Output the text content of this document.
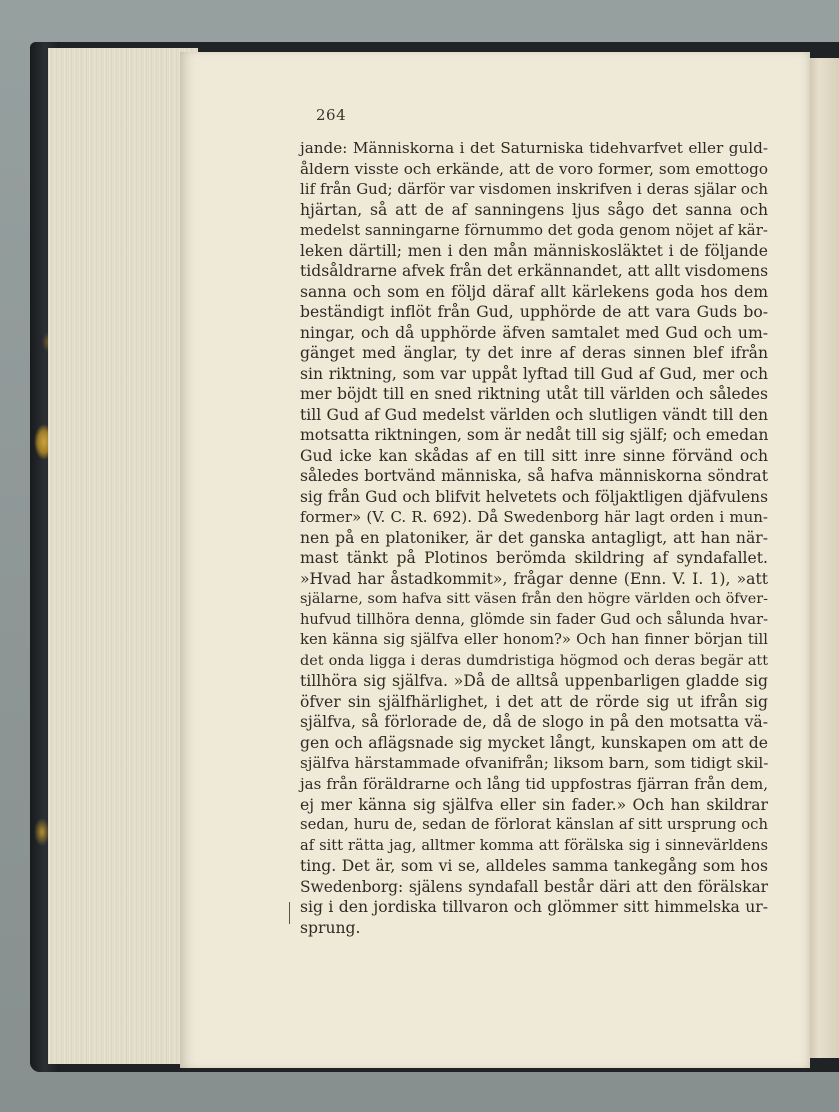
264
jande: Människorna i det Saturniska tidehvarfvet eller guld-
åldern visste och erkände, att de voro former, som emottogo
lif från Gud; därför var visdomen inskrifven i deras själar och
hjärtan, så att de af sanningens ljus sågo det sanna och
medelst sanningarne förnummo det goda genom nöjet af kär-
leken därtill; men i den mån människosläktet i de följande
tidsåldrarne afvek från det erkännandet, att allt visdomens
sanna och som en följd däraf allt kärlekens goda hos dem
beständigt inflöt från Gud, upphörde de att vara Guds bo-
ningar, och då upphörde äfven samtalet med Gud och um-
gänget med änglar, ty det inre af deras sinnen blef ifrån
sin riktning, som var uppåt lyftad till Gud af Gud, mer och
mer böjdt till en sned riktning utåt till världen och således
till Gud af Gud medelst världen och slutligen vändt till den
motsatta riktningen, som är nedåt till sig själf; och emedan
Gud icke kan skådas af en till sitt inre sinne förvänd och
således bortvänd människa, så hafva människorna söndrat
sig från Gud och blifvit helvetets och följaktligen djäfvulens
former» (V. C. R. 692). Då Swedenborg här lagt orden i mun-
nen på en platoniker, är det ganska antagligt, att han när-
mast tänkt på Plotinos berömda skildring af syndafallet.
»Hvad har åstadkommit», frågar denne (Enn. V. I. 1), »att
själarne, som hafva sitt väsen från den högre världen och öfver-
hufvud tillhöra denna, glömde sin fader Gud och sålunda hvar-
ken känna sig själfva eller honom?» Och han finner början till
det onda ligga i deras dumdristiga högmod och deras begär att
tillhöra sig själfva. »Då de alltså uppenbarligen gladde sig
öfver sin själfhärlighet, i det att de rörde sig ut ifrån sig
själfva, så förlorade de, då de slogo in på den motsatta vä-
gen och aflägsnade sig mycket långt, kunskapen om att de
själfva härstammade ofvanifrån; liksom barn, som tidigt skil-
jas från föräldrarne och lång tid uppfostras fjärran från dem,
ej mer känna sig själfva eller sin fader.» Och han skildrar
sedan, huru de, sedan de förlorat känslan af sitt ursprung och
af sitt rätta jag, alltmer komma att förälska sig i sinnevärldens
ting. Det är, som vi se, alldeles samma tankegång som hos
Swedenborg: själens syndafall består däri att den förälskar
sig i den jordiska tillvaron och glömmer sitt himmelska ur-
sprung.
